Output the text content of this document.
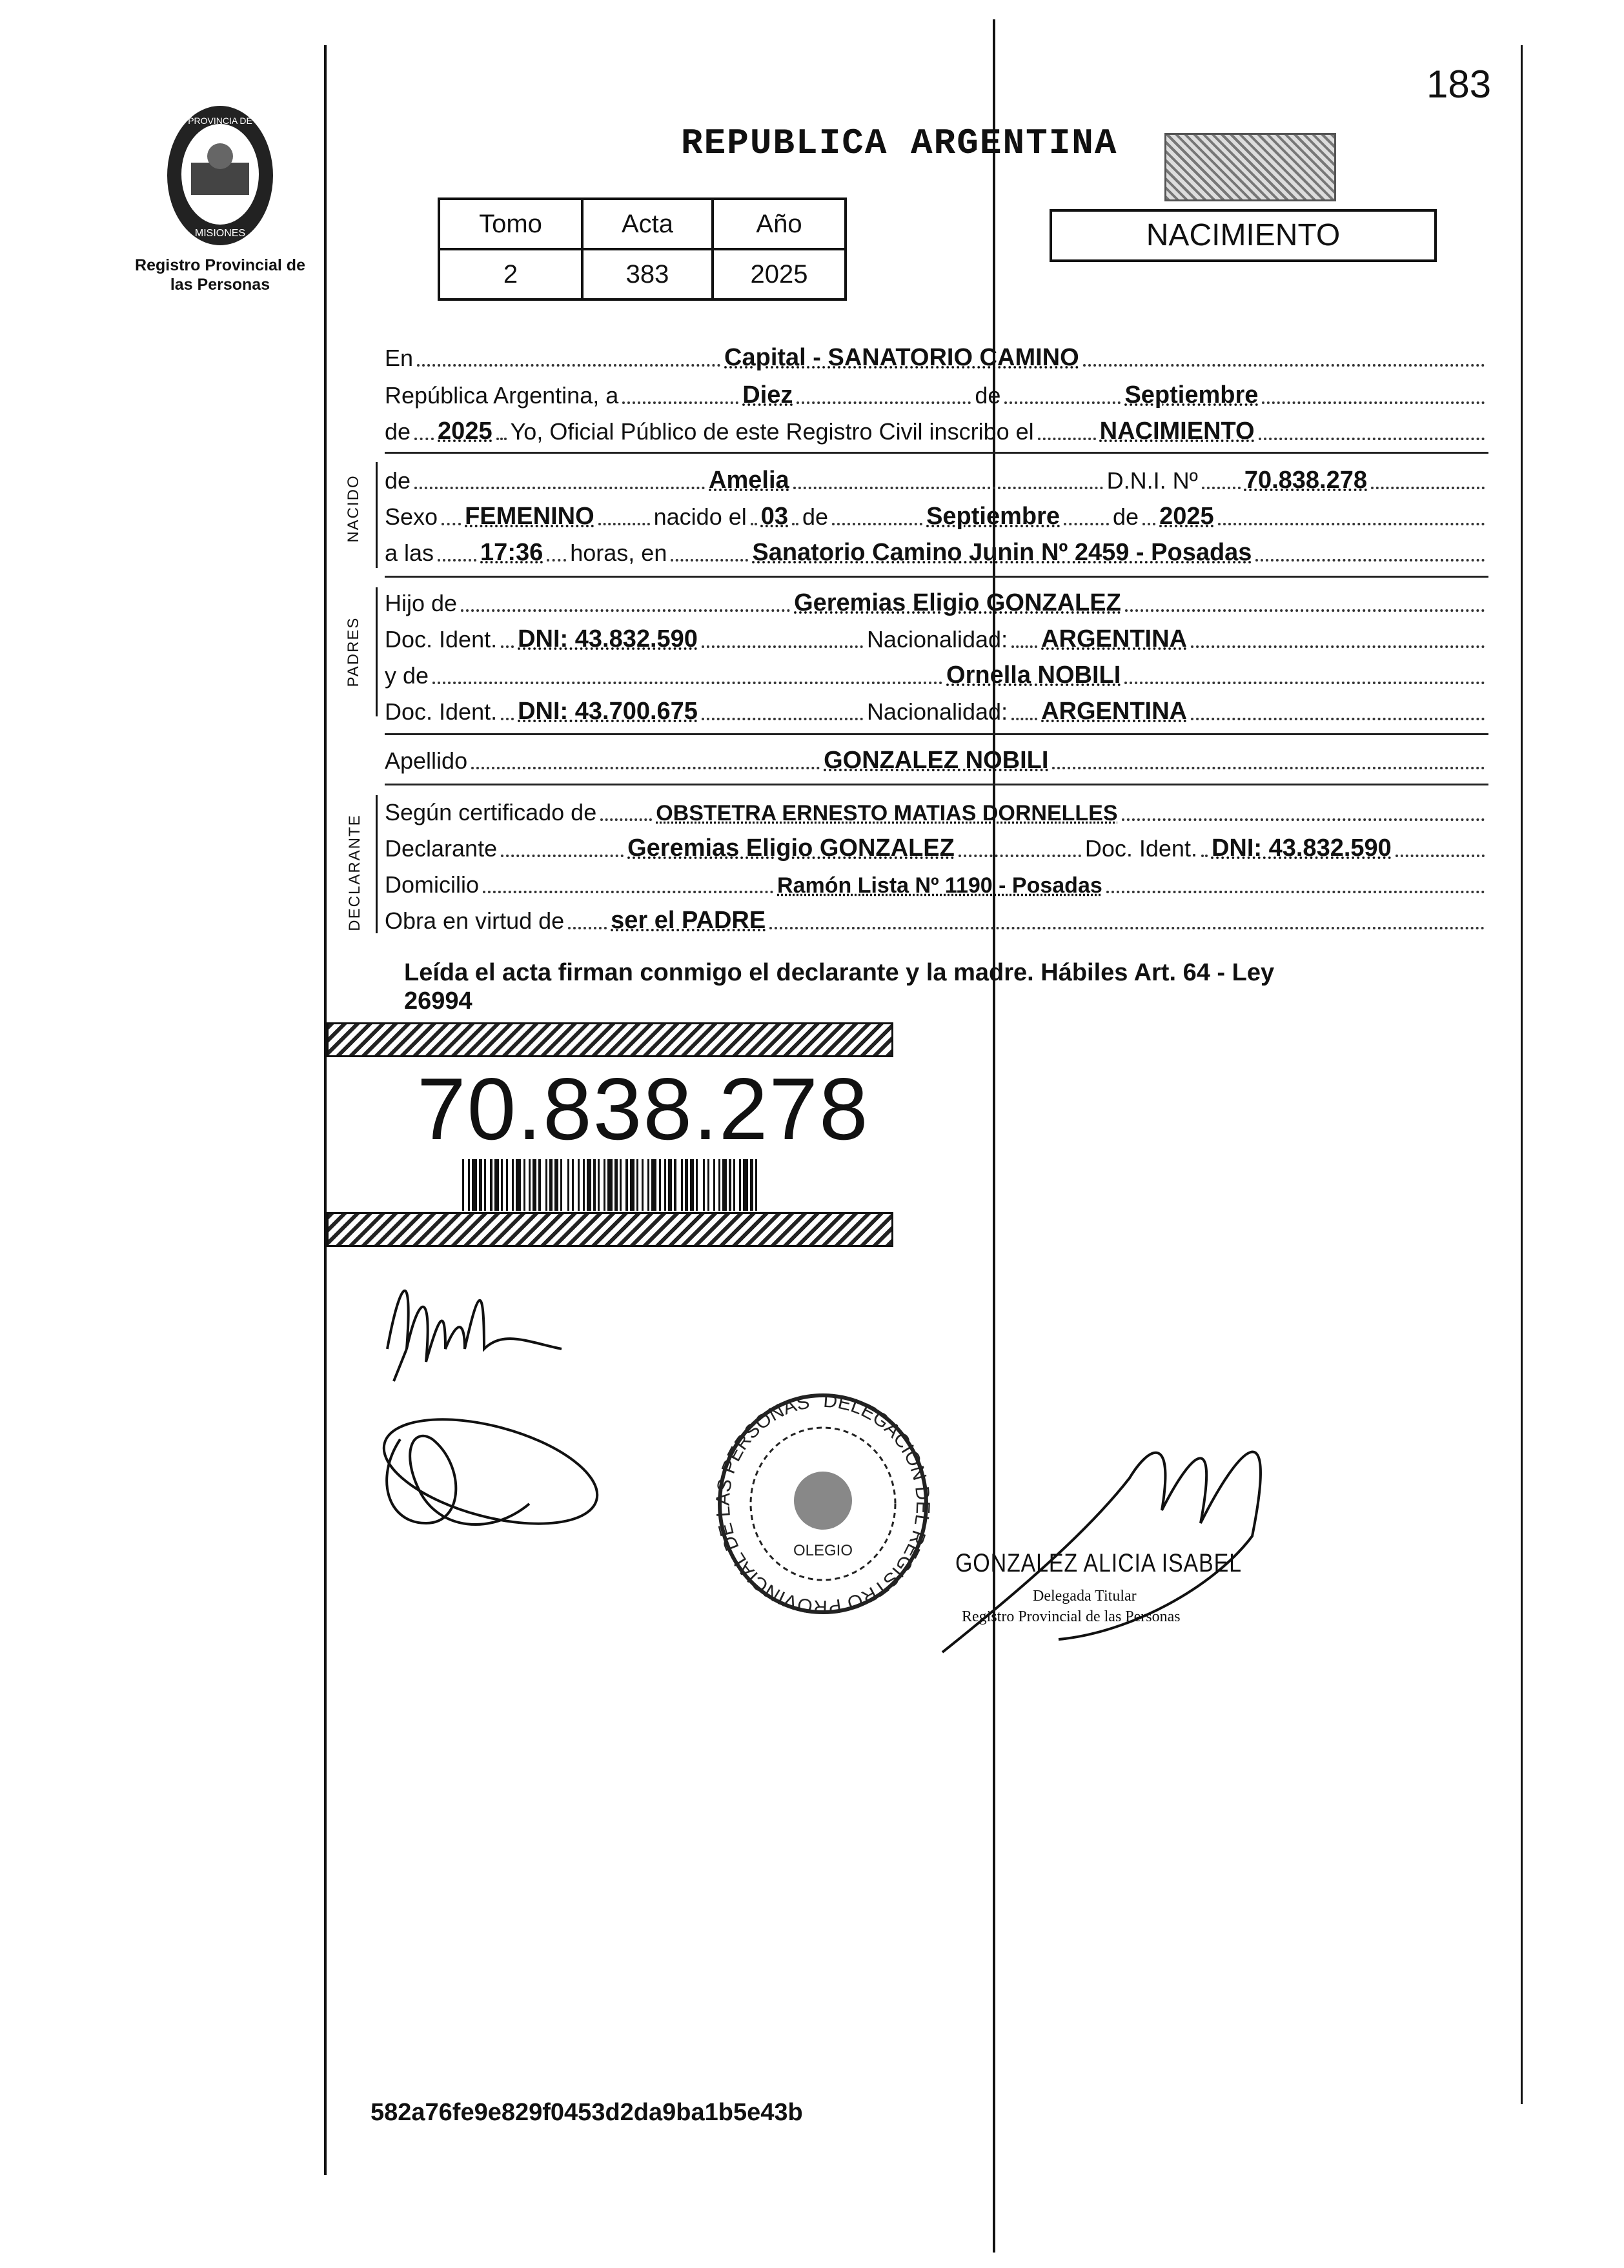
183
PROVINCIA DE
MISIONES
Registro Provincial de las Personas
REPUBLICA ARGENTINA
NACIMIENTO
Tomo	Acta	Año
2	383	2025
En	Capital - SANATORIO CAMINO
República Argentina, a	Diez	de	Septiembre
de 2025 Yo, Oficial Público de este Registro Civil inscribo el	NACIMIENTO
NACIDO de	Amelia	D.N.I. Nº 70.838.278
Sexo FEMENINO	nacido el 03 de	Septiembre de 2025
a las 17:36 horas, en	Sanatorio Camino Junin Nº 2459 - Posadas
PADRES
Hijo de	Geremias Eligio GONZALEZ
Doc. Ident. DNI: 43.832.590	Nacionalidad: ARGENTINA
y de	Ornella NOBILI
Doc. Ident. DNI: 43.700.675	Nacionalidad: ARGENTINA
Apellido	GONZALEZ NOBILI
DECLARANTE
Según certificado de	OBSTETRA ERNESTO MATIAS DORNELLES
Declarante	Geremias Eligio GONZALEZ	Doc. Ident. DNI: 43.832.590
Domicilio	Ramón Lista Nº 1190 - Posadas
Obra en virtud de ser el PADRE
Leída el acta firman conmigo el declarante y la madre. Hábiles Art. 64 - Ley
26994
70.838.278
DELEGACION DEL REGISTRO PROVINCIAL DE LAS PERSONAS
OLEGIO	GONZALEZ ALICIA ISABEL
Delegada Titular
Registro Provincial de las Personas
582a76fe9e829f0453d2da9ba1b5e43b
